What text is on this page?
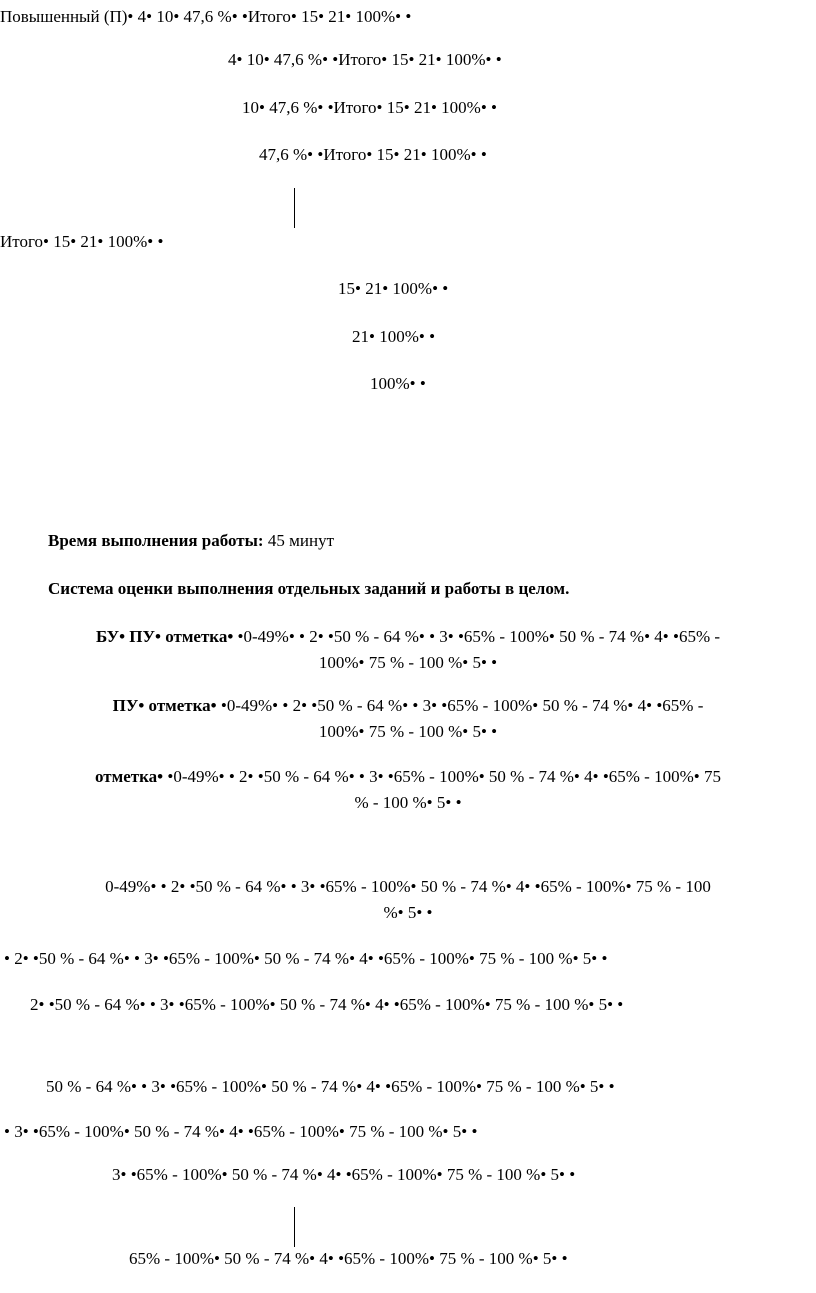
Повышенный (П)• 4• 10• 47,6 %• •Итого• 15• 21• 100%• •
4• 10• 47,6 %• •Итого• 15• 21• 100%• •
10• 47,6 %• •Итого• 15• 21• 100%• •
47,6 %• •Итого• 15• 21• 100%• •
Итого• 15• 21• 100%• •
15• 21• 100%• •
21• 100%• •
100%• •
Время выполнения работы: 45 минут
Система оценки выполнения отдельных заданий и работы в целом.
БУ• ПУ• отметка• •0-49%• • 2• •50 % - 64 %• • 3• •65% - 100%• 50 % - 74 %• 4• •65% -
100%• 75 % - 100 %• 5• •
ПУ• отметка• •0-49%• • 2• •50 % - 64 %• • 3• •65% - 100%• 50 % - 74 %• 4• •65% -
100%• 75 % - 100 %• 5• •
отметка• •0-49%• • 2• •50 % - 64 %• • 3• •65% - 100%• 50 % - 74 %• 4• •65% - 100%• 75
% - 100 %• 5• •
0-49%• • 2• •50 % - 64 %• • 3• •65% - 100%• 50 % - 74 %• 4• •65% - 100%• 75 % - 100
%• 5• •
• 2• •50 % - 64 %• • 3• •65% - 100%• 50 % - 74 %• 4• •65% - 100%• 75 % - 100 %• 5• •
2• •50 % - 64 %• • 3• •65% - 100%• 50 % - 74 %• 4• •65% - 100%• 75 % - 100 %• 5• •
50 % - 64 %• • 3• •65% - 100%• 50 % - 74 %• 4• •65% - 100%• 75 % - 100 %• 5• •
• 3• •65% - 100%• 50 % - 74 %• 4• •65% - 100%• 75 % - 100 %• 5• •
3• •65% - 100%• 50 % - 74 %• 4• •65% - 100%• 75 % - 100 %• 5• •
65% - 100%• 50 % - 74 %• 4• •65% - 100%• 75 % - 100 %• 5• •
